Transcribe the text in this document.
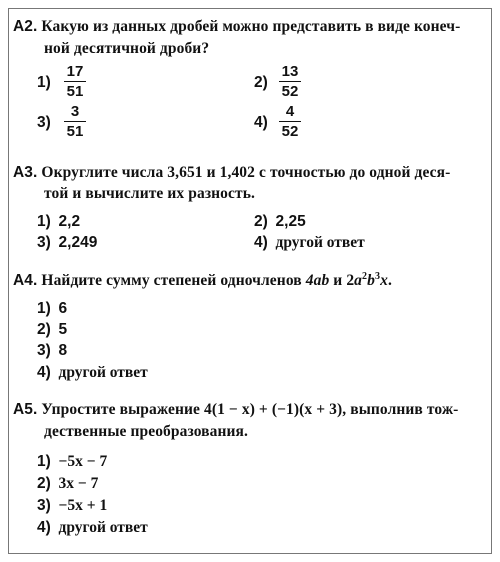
А2. Какую из данных дробей можно представить в виде конеч-
ной десятичной дроби?
1)
17
51
2)
13
52
3)
3
51
4)
4
52
А3. Округлите числа 3,651 и 1,402 с точностью до одной деся-
той и вычислите их разность.
1) 2,2	2) 2,25
3) 2,249	4) другой ответ
А4. Найдите сумму степеней одночленов 4ab и $2a^2b^3x$.
1) 6
2) 5
3) 8
4) другой ответ
А5. Упростите выражение 4(1 − x) + (−1)(x + 3), выполнив тож-
дественные преобразования.
1) −5x − 7
2) 3x − 7
3) −5x + 1
4) другой ответ
